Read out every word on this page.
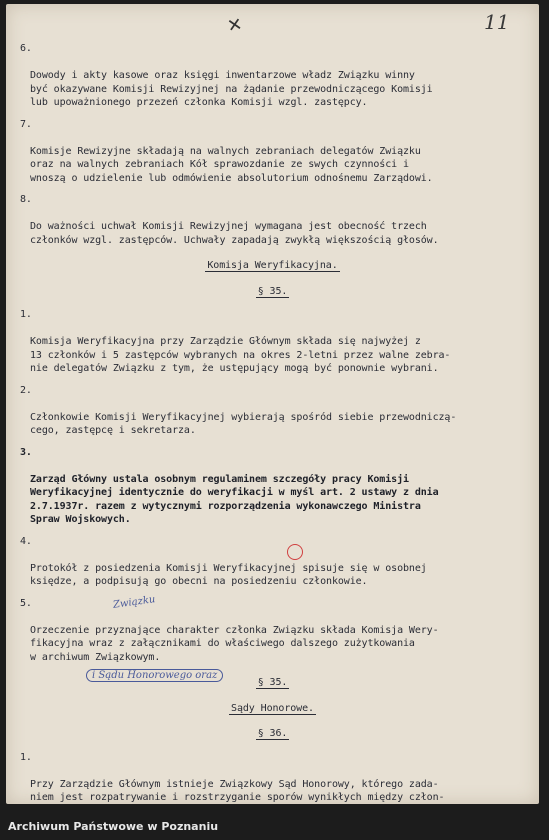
✕	11

6.

Dowody i akty kasowe oraz księgi inwentarzowe władz Związku winny
być okazywane Komisji Rewizyjnej na żądanie przewodniczącego Komisji
lub upoważnionego przezeń członka Komisji wzgl. zastępcy.

7.

Komisje Rewizyjne składają na walnych zebraniach delegatów Związku
oraz na walnych zebraniach Kół sprawozdanie ze swych czynności i
wnoszą o udzielenie lub odmówienie absolutorium odnośnemu Zarządowi.

8.

Do ważności uchwał Komisji Rewizyjnej wymagana jest obecność trzech
członków wzgl. zastępców. Uchwały zapadają zwykłą większością głosów.

Komisja Weryfikacyjna.
§ 35.

1.

Komisja Weryfikacyjna przy Zarządzie Głównym składa się najwyżej z
13 członków i 5 zastępców wybranych na okres 2-letni przez walne zebra-
nie delegatów Związku z tym, że ustępujący mogą być ponownie wybrani.

2.

Członkowie Komisji Weryfikacyjnej wybierają spośród siebie przewodniczą-
cego, zastępcę i sekretarza.

3.

Zarząd Główny ustala osobnym regulaminem szczegóły pracy Komisji
Weryfikacyjnej identycznie do weryfikacji w myśl art. 2 ustawy z dnia
2.7.1937r. razem z wytycznymi rozporządzenia wykonawczego Ministra
Spraw Wojskowych.

4.

Protokół z posiedzenia Komisji Weryfikacyjnej spisuje się w osobnej
księdze, a podpisują go obecni na posiedzeniu członkowie.

5.

Orzeczenie przyznające charakter członka Związku składa Komisja Wery-
fikacyjna wraz z załącznikami do właściwego dalszego zużytkowania
w archiwum Związkowym.

§ 35.
Sądy Honorowe.
§ 36.

1.

Przy Zarządzie Głównym istnieje Związkowy Sąd Honorowy, którego zada-
niem jest rozpatrywanie i rozstrzyganie sporów wynikłych między człon-

Związku
i Sądu Honorowego oraz
Archiwum Państwowe w Poznaniu
